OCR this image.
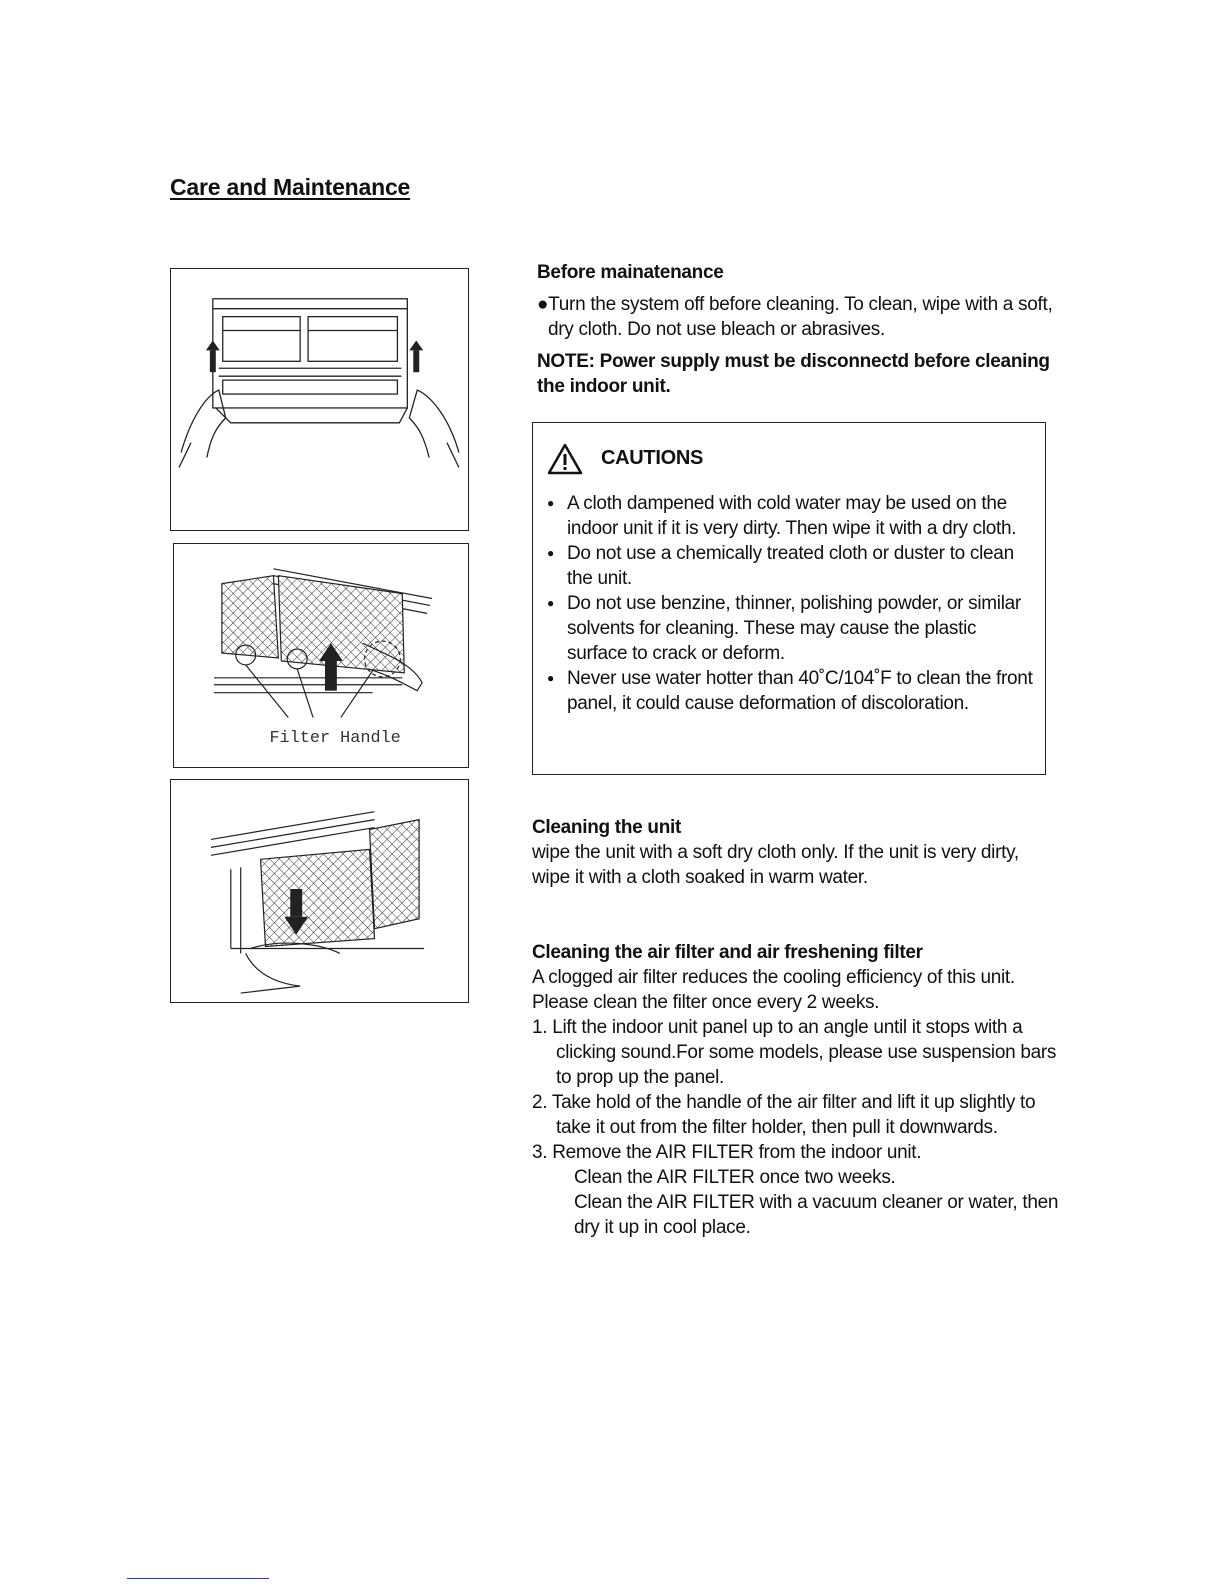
Care and Maintenance
Filter Handle
Before mainatenance

●Turn the system off before cleaning. To clean, wipe with a soft, dry cloth. Do not use bleach or abrasives.

NOTE: Power supply must be disconnectd before cleaning the indoor unit.

CAUTIONS
● A cloth dampened with cold water may be used on the indoor unit if it is very dirty. Then wipe it with a dry cloth.
● Do not use a chemically treated cloth or duster to clean the unit.
● Do not use benzine, thinner, polishing powder, or similar solvents for cleaning. These may cause the plastic surface to crack or deform.
● Never use water hotter than 40˚C/104˚F to clean the front panel, it could cause deformation of discoloration.
Cleaning the unit

wipe the unit with a soft dry cloth only. If the unit is very dirty, wipe it with a cloth soaked in warm water.

Cleaning the air filter and air freshening filter

A clogged air filter reduces the cooling efficiency of this unit. Please clean the filter once every 2 weeks.

1. Lift the indoor unit panel up to an angle until it stops with a clicking sound.For some models, please use suspension bars to prop up the panel.
2. Take hold of the handle of the air filter and lift it up slightly to take it out from the filter holder, then pull it downwards.
3. Remove the AIR FILTER from the indoor unit.
Clean the AIR FILTER once two weeks.
Clean the AIR FILTER with a vacuum cleaner or water, then dry it up in cool place.
